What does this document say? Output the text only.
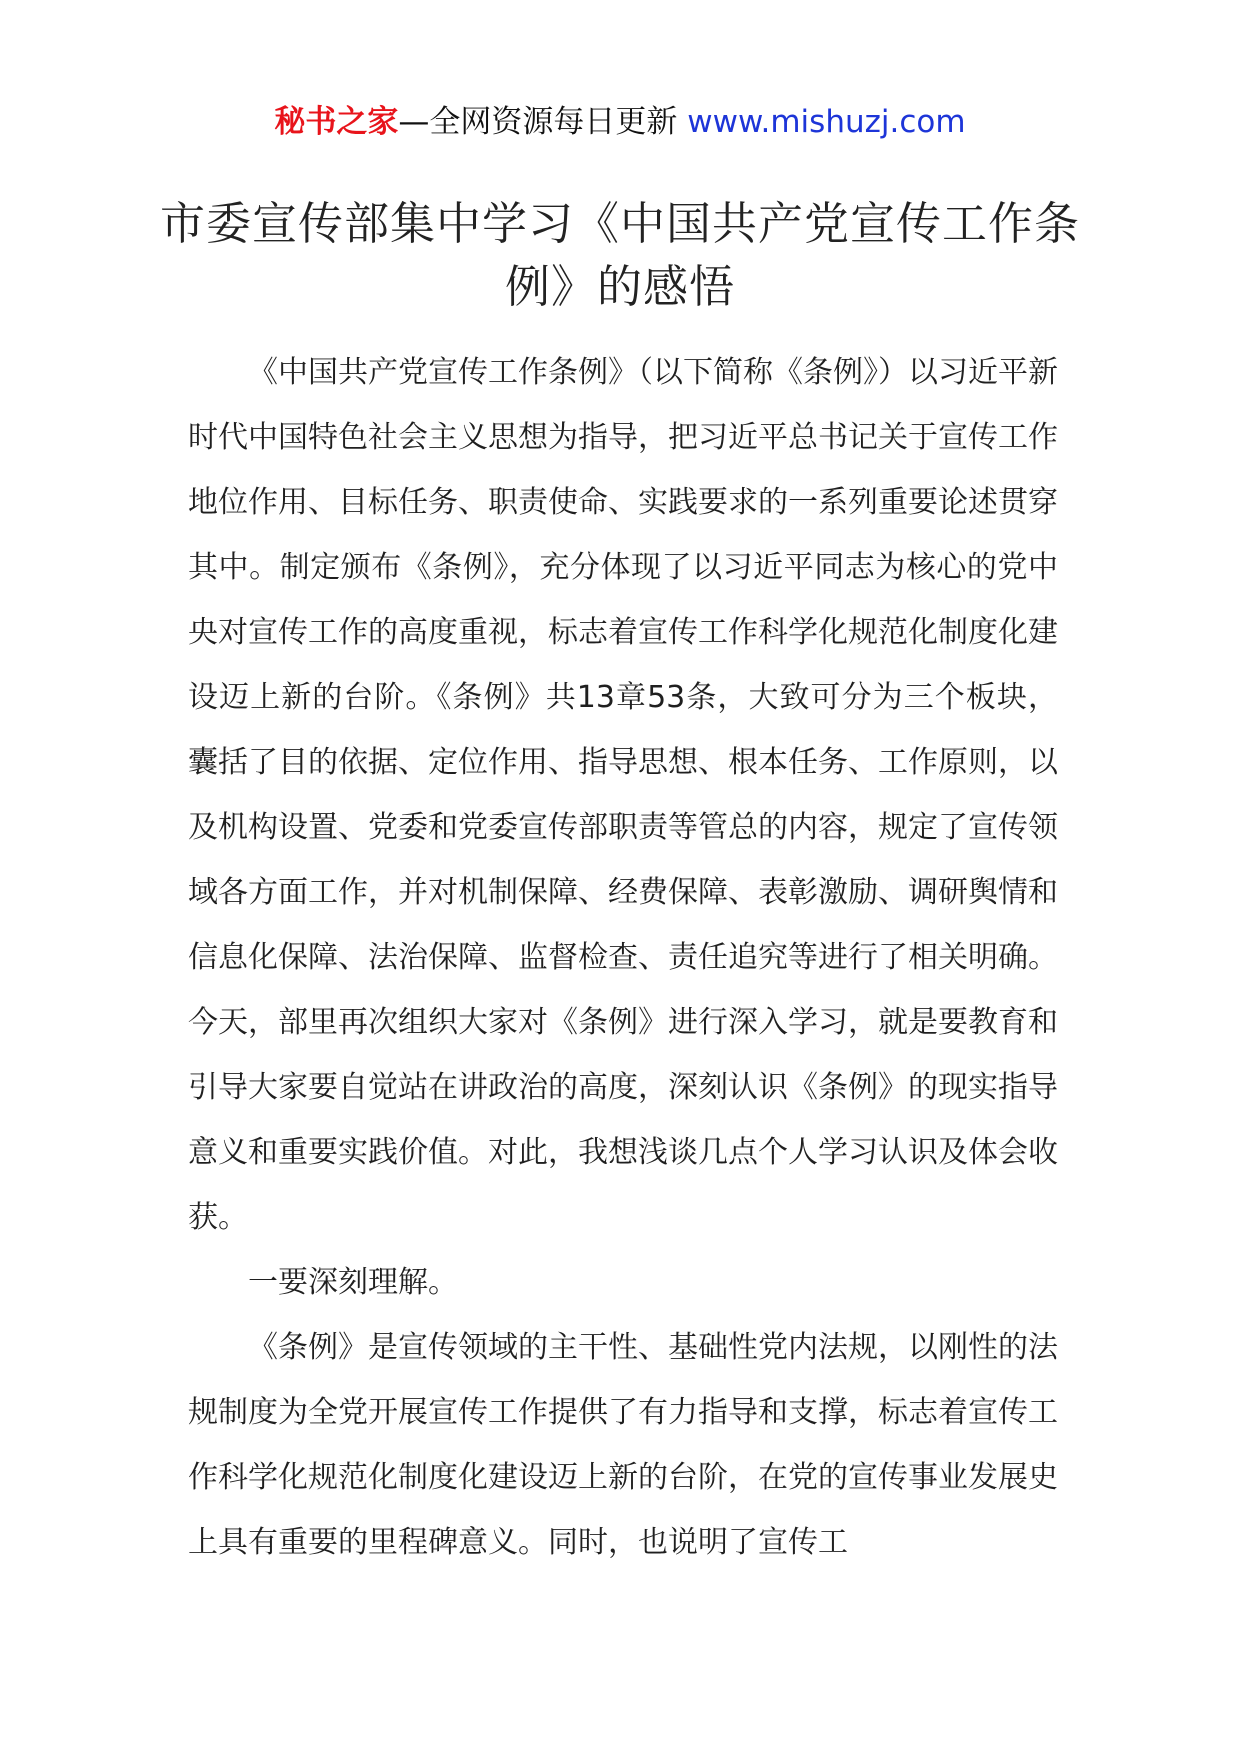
秘书之家—全网资源每日更新 www.mishuzj.com
市委宣传部集中学习《中国共产党宣传工作条例》的感悟

《中国共产党宣传工作条例》（以下简称《条例》）以习近平新时代中国特色社会主义思想为指导，把习近平总书记关于宣传工作地位作用、目标任务、职责使命、实践要求的一系列重要论述贯穿其中。制定颁布《条例》，充分体现了以习近平同志为核心的党中央对宣传工作的高度重视，标志着宣传工作科学化规范化制度化建设迈上新的台阶。《条例》共13章53条，大致可分为三个板块，囊括了目的依据、定位作用、指导思想、根本任务、工作原则，以及机构设置、党委和党委宣传部职责等管总的内容，规定了宣传领域各方面工作，并对机制保障、经费保障、表彰激励、调研舆情和信息化保障、法治保障、监督检查、责任追究等进行了相关明确。今天，部里再次组织大家对《条例》进行深入学习，就是要教育和引导大家要自觉站在讲政治的高度，深刻认识《条例》的现实指导意义和重要实践价值。对此，我想浅谈几点个人学习认识及体会收获。

一要深刻理解。

《条例》是宣传领域的主干性、基础性党内法规，以刚性的法规制度为全党开展宣传工作提供了有力指导和支撑，标志着宣传工作科学化规范化制度化建设迈上新的台阶，在党的宣传事业发展史上具有重要的里程碑意义。同时，也说明了宣传工
